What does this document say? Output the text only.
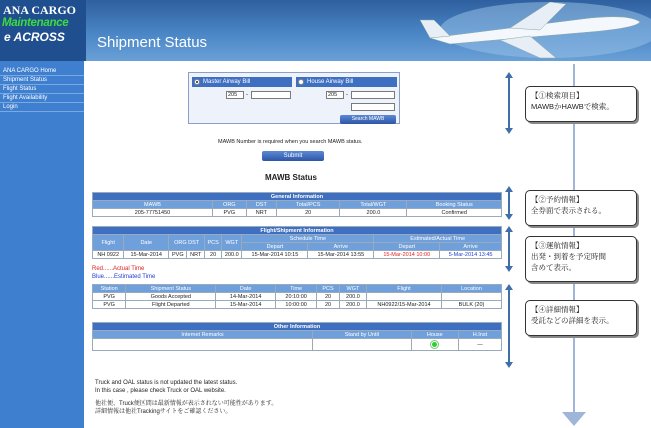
ANA CARGO
Maintenance
e ACROSS Shipment Status
ANA CARGO Home
Shipment Status
Flight Status
Flight Availability
Login
Master Airway Bill	House Airway Bill
205	-	205	-
Search MAWB
MAWB Number is required when you search MAWB status.
Submit
MAWB Status
General Information					
MAWB	ORG	DST	Total/PCS	Total/WGT	Booking Status
205-77751450	PVG	NRT	20	200.0	Confirmed
Flight/Shipment Information									
Flight	Date	ORG DST		PCS	WGT	Schedule Time		Estimated/Actual Time	
						Depart	Arrive	Depart	Arrive
NH 0922	15-Mar-2014	PVG	NRT	20	200.0	15-Mar-2014 10:15	15-Mar-2014 13:55	15-Mar-2014 10:00	5-Mar-2014 13:45
Red......Actual Time
Blue......Estimated Time
Station	Shipment Status	Date	Time	PCS	WGT	Flight	Location
PVG	Goods Accepted	14-Mar-2014	20:10:00	20	200.0		
PVG	Flight Departed	15-Mar-2014	10:00:00	20	200.0	NH0922/15-Mar-2014	BULK (20)
Other Information			
Internet Remarks	Stand by Until	House	H.Inst
			—
Truck and OAL status is not updated the latest status.
In this case , please check Truck or OAL website.
他社便、Truck便区間は最新情報が表示されない可能性があります。
詳細情報は他社Trackingサイトをご確認ください。
【①検索項目】
MAWBかHAWBで検索。
【②予約情報】
全券面で表示される。
【③運航情報】
出発・到着を予定時間
含めて表示。
【④詳細情報】
受託などの詳細を表示。
